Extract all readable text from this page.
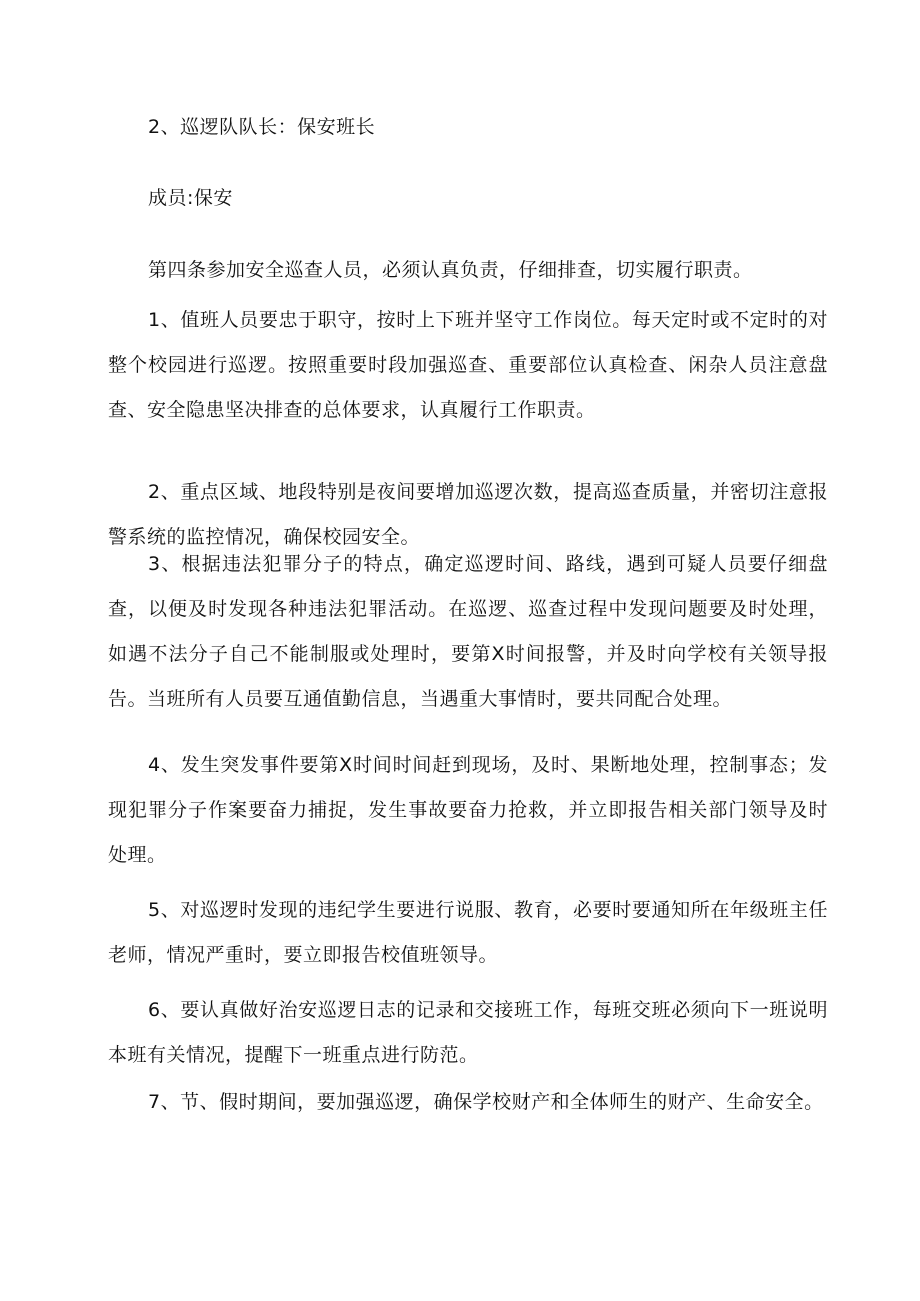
2、巡逻队队长：保安班长
成员:保安
第四条参加安全巡查人员，必须认真负责，仔细排查，切实履行职责。
1、值班人员要忠于职守，按时上下班并坚守工作岗位。每天定时或不定时的对整个校园进行巡逻。按照重要时段加强巡查、重要部位认真检查、闲杂人员注意盘查、安全隐患坚决排查的总体要求，认真履行工作职责。
2、重点区域、地段特别是夜间要增加巡逻次数，提高巡查质量，并密切注意报警系统的监控情况，确保校园安全。
3、根据违法犯罪分子的特点，确定巡逻时间、路线，遇到可疑人员要仔细盘查，以便及时发现各种违法犯罪活动。在巡逻、巡查过程中发现问题要及时处理，如遇不法分子自己不能制服或处理时，要第X时间报警，并及时向学校有关领导报告。当班所有人员要互通值勤信息，当遇重大事情时，要共同配合处理。
4、发生突发事件要第X时间时间赶到现场，及时、果断地处理，控制事态；发现犯罪分子作案要奋力捕捉，发生事故要奋力抢救，并立即报告相关部门领导及时处理。
5、对巡逻时发现的违纪学生要进行说服、教育，必要时要通知所在年级班主任老师，情况严重时，要立即报告校值班领导。
6、要认真做好治安巡逻日志的记录和交接班工作，每班交班必须向下一班说明本班有关情况，提醒下一班重点进行防范。
7、节、假时期间，要加强巡逻，确保学校财产和全体师生的财产、生命安全。
